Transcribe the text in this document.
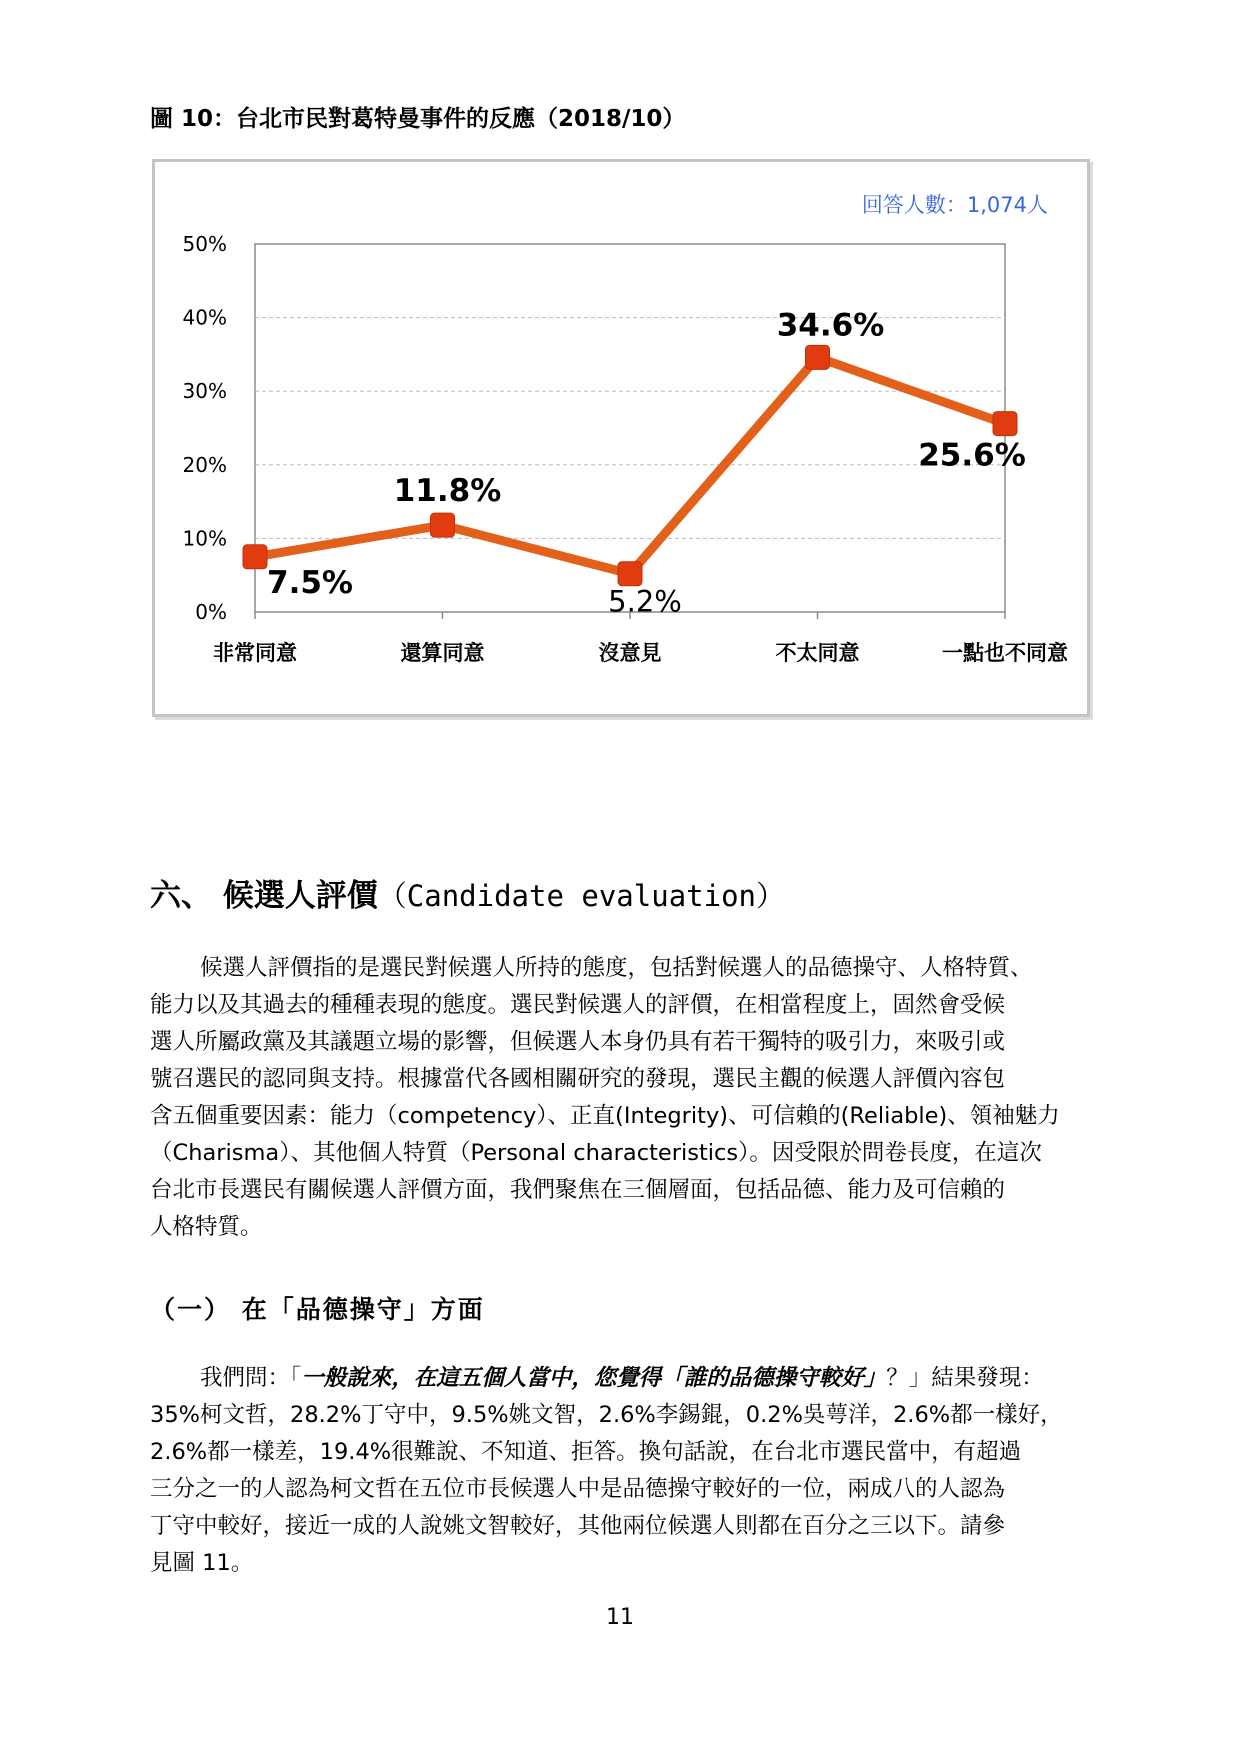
圖 10：台北市民對葛特曼事件的反應（2018/10）
0%
10%
20%
30%
40%
50%
非常同意	還算同意	沒意見	不太同意	一點也不同意
7.5%
11.8%
5.2%
34.6%
25.6%
回答人數：1,074人
六、 候選人評價（Candidate evaluation）
候選人評價指的是選民對候選人所持的態度，包括對候選人的品德操守、人格特質、
能力以及其過去的種種表現的態度。選民對候選人的評價，在相當程度上，固然會受候
選人所屬政黨及其議題立場的影響，但候選人本身仍具有若干獨特的吸引力，來吸引或
號召選民的認同與支持。根據當代各國相關研究的發現，選民主觀的候選人評價內容包
含五個重要因素：能力（competency）、正直(Integrity)、可信賴的(Reliable)、領袖魅力
（Charisma）、其他個人特質（Personal characteristics）。因受限於問卷長度，在這次
台北市長選民有關候選人評價方面，我們聚焦在三個層面，包括品德、能力及可信賴的
人格特質。
（一） 在「品德操守」方面
我們問：「一般說來，在這五個人當中，您覺得「誰的品德操守較好」？」結果發現：
35%柯文哲，28.2%丁守中，9.5%姚文智，2.6%李錫錕，0.2%吳萼洋，2.6%都一樣好，
2.6%都一樣差，19.4%很難說、不知道、拒答。換句話說，在台北市選民當中，有超過
三分之一的人認為柯文哲在五位市長候選人中是品德操守較好的一位，兩成八的人認為
丁守中較好，接近一成的人說姚文智較好，其他兩位候選人則都在百分之三以下。請參
見圖 11。
11
